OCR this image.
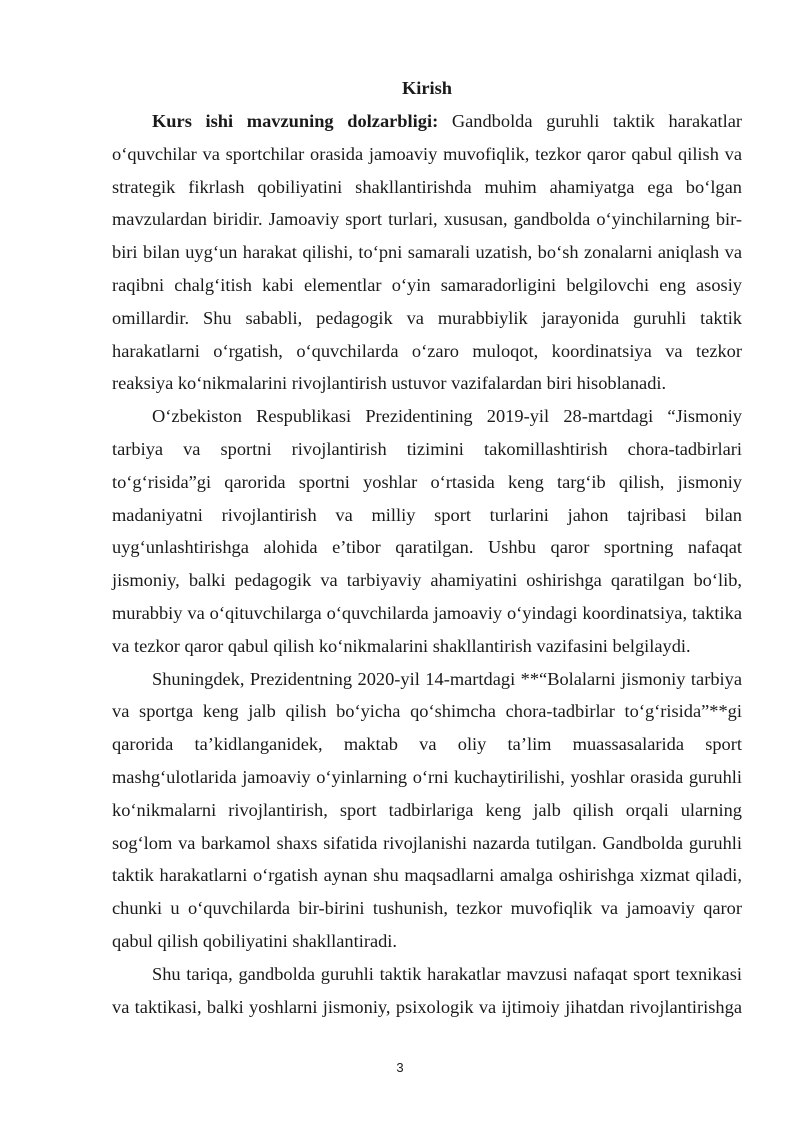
Kirish

Kurs ishi mavzuning dolzarbligi: Gandbolda guruhli taktik harakatlar o‘quvchilar va sportchilar orasida jamoaviy muvofiqlik, tezkor qaror qabul qilish va strategik fikrlash qobiliyatini shakllantirishda muhim ahamiyatga ega bo‘lgan mavzulardan biridir. Jamoaviy sport turlari, xususan, gandbolda o‘yinchilarning bir-biri bilan uyg‘un harakat qilishi, to‘pni samarali uzatish, bo‘sh zonalarni aniqlash va raqibni chalg‘itish kabi elementlar o‘yin samaradorligini belgilovchi eng asosiy omillardir. Shu sababli, pedagogik va murabbiylik jarayonida guruhli taktik harakatlarni o‘rgatish, o‘quvchilarda o‘zaro muloqot, koordinatsiya va tezkor reaksiya ko‘nikmalarini rivojlantirish ustuvor vazifalardan biri hisoblanadi.

O‘zbekiston Respublikasi Prezidentining 2019-yil 28-martdagi “Jismoniy tarbiya va sportni rivojlantirish tizimini takomillashtirish chora-tadbirlari to‘g‘risida”gi qarorida sportni yoshlar o‘rtasida keng targ‘ib qilish, jismoniy madaniyatni rivojlantirish va milliy sport turlarini jahon tajribasi bilan uyg‘unlashtirishga alohida e’tibor qaratilgan. Ushbu qaror sportning nafaqat jismoniy, balki pedagogik va tarbiyaviy ahamiyatini oshirishga qaratilgan bo‘lib, murabbiy va o‘qituvchilarga o‘quvchilarda jamoaviy o‘yindagi koordinatsiya, taktika va tezkor qaror qabul qilish ko‘nikmalarini shakllantirish vazifasini belgilaydi.

Shuningdek, Prezidentning 2020-yil 14-martdagi **“Bolalarni jismoniy tarbiya va sportga keng jalb qilish bo‘yicha qo‘shimcha chora-tadbirlar to‘g‘risida”**gi qarorida ta’kidlanganidek, maktab va oliy ta’lim muassasalarida sport mashg‘ulotlarida jamoaviy o‘yinlarning o‘rni kuchaytirilishi, yoshlar orasida guruhli ko‘nikmalarni rivojlantirish, sport tadbirlariga keng jalb qilish orqali ularning sog‘lom va barkamol shaxs sifatida rivojlanishi nazarda tutilgan. Gandbolda guruhli taktik harakatlarni o‘rgatish aynan shu maqsadlarni amalga oshirishga xizmat qiladi, chunki u o‘quvchilarda bir-birini tushunish, tezkor muvofiqlik va jamoaviy qaror qabul qilish qobiliyatini shakllantiradi.

Shu tariqa, gandbolda guruhli taktik harakatlar mavzusi nafaqat sport texnikasi va taktikasi, balki yoshlarni jismoniy, psixologik va ijtimoiy jihatdan rivojlantirishga

3
